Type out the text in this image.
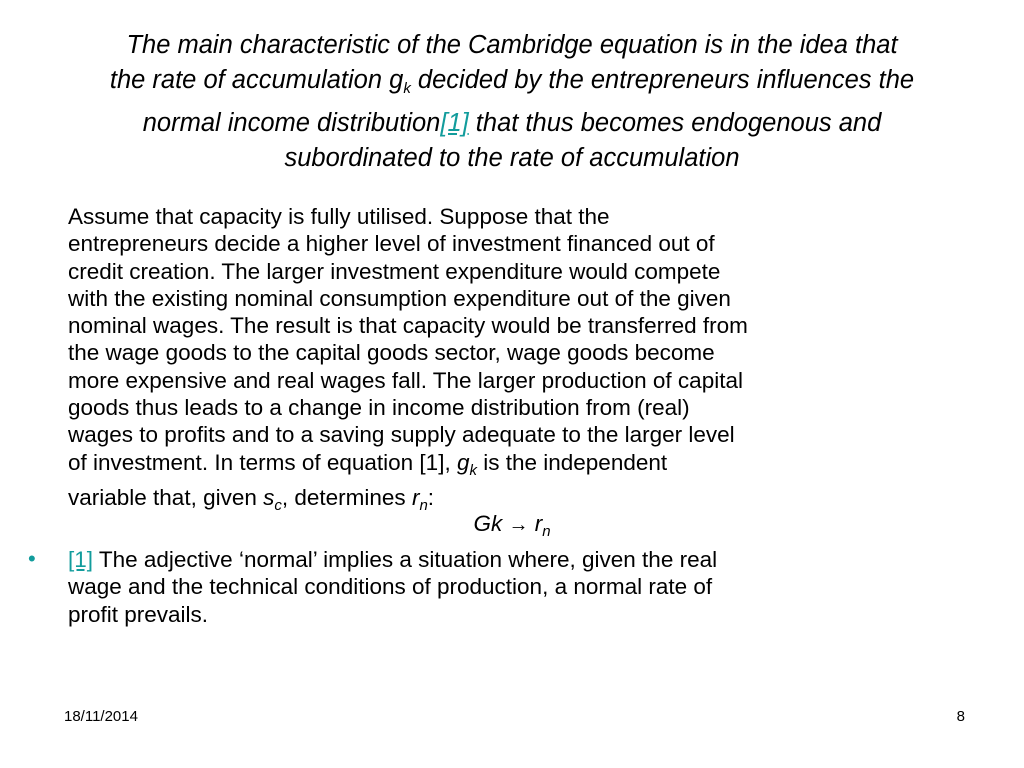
The main characteristic of the Cambridge equation is in the idea that
the rate of accumulation $g_k$ decided by the entrepreneurs influences the
normal income distribution[1] that thus becomes endogenous and
subordinated to the rate of accumulation
Assume that capacity is fully utilised. Suppose that the
entrepreneurs decide a higher level of investment financed out of
credit creation. The larger investment expenditure would compete
with the existing nominal consumption expenditure out of the given
nominal wages. The result is that capacity would be transferred from
the wage goods to the capital goods sector, wage goods become
more expensive and real wages fall. The larger production of capital
goods thus leads to a change in income distribution from (real)
wages to profits and to a saving supply adequate to the larger level
of investment. In terms of equation [1], $g_k$ is the independent
variable that, given $s_c$, determines $r_n$:
$Gk \to r_n$
• [1] The adjective ‘normal’ implies a situation where, given the real
wage and the technical conditions of production, a normal rate of
profit prevails.
18/11/2014	8
